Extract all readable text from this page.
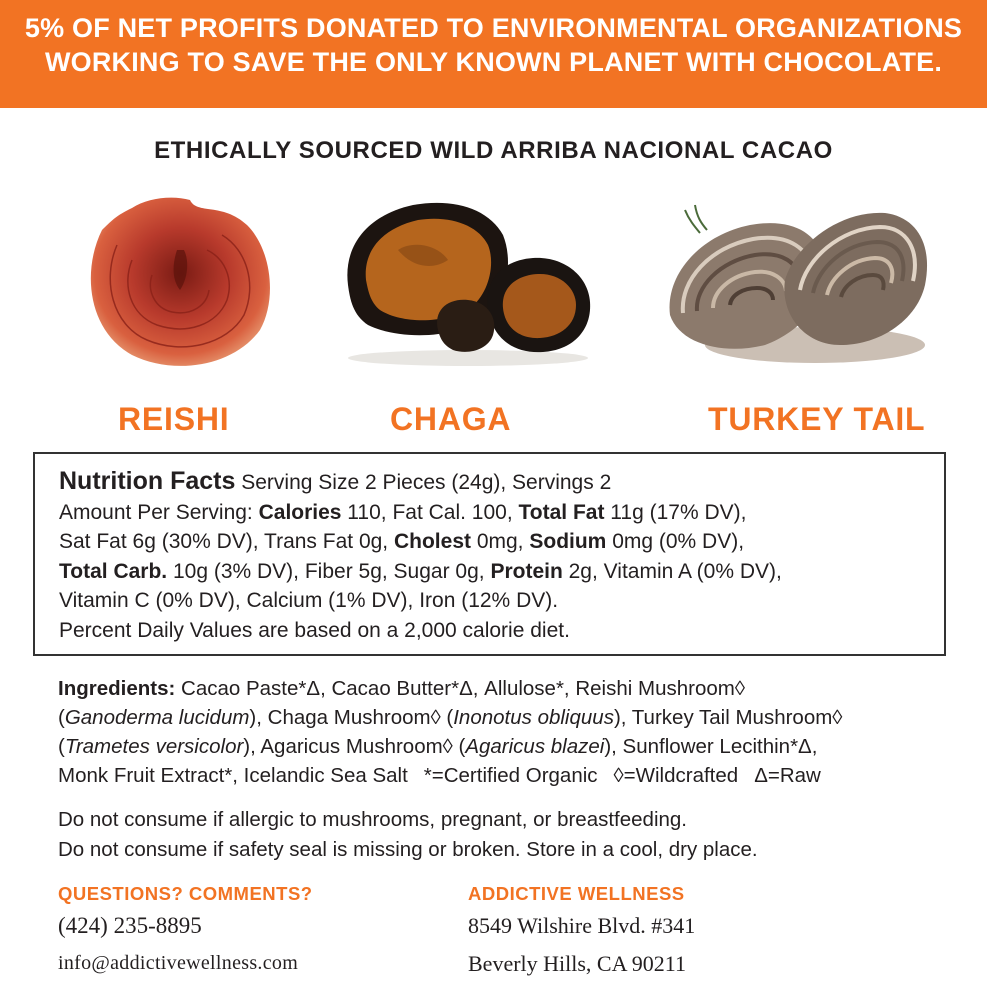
5% OF NET PROFITS DONATED TO ENVIRONMENTAL ORGANIZATIONS
WORKING TO SAVE THE ONLY KNOWN PLANET WITH CHOCOLATE.
ETHICALLY SOURCED WILD ARRIBA NACIONAL CACAO
REISHI	CHAGA	TURKEY TAIL
Nutrition Facts Serving Size 2 Pieces (24g), Servings 2
Amount Per Serving: Calories 110, Fat Cal. 100, Total Fat 11g (17% DV),
Sat Fat 6g (30% DV), Trans Fat 0g, Cholest 0mg, Sodium 0mg (0% DV),
Total Carb. 10g (3% DV), Fiber 5g, Sugar 0g, Protein 2g, Vitamin A (0% DV),
Vitamin C (0% DV), Calcium (1% DV), Iron (12% DV).
Percent Daily Values are based on a 2,000 calorie diet.
Ingredients: Cacao Paste*Δ, Cacao Butter*Δ, Allulose*, Reishi Mushroom◊
(Ganoderma lucidum), Chaga Mushroom◊ (Inonotus obliquus), Turkey Tail Mushroom◊
(Trametes versicolor), Agaricus Mushroom◊ (Agaricus blazei), Sunflower Lecithin*Δ,
Monk Fruit Extract*, Icelandic Sea Salt *=Certified Organic ◊=Wildcrafted Δ=Raw
Do not consume if allergic to mushrooms, pregnant, or breastfeeding.
Do not consume if safety seal is missing or broken. Store in a cool, dry place.
QUESTIONS? COMMENTS?
(424) 235-8895
info@addictivewellness.com
ADDICTIVE WELLNESS
8549 Wilshire Blvd. #341
Beverly Hills, CA 90211
